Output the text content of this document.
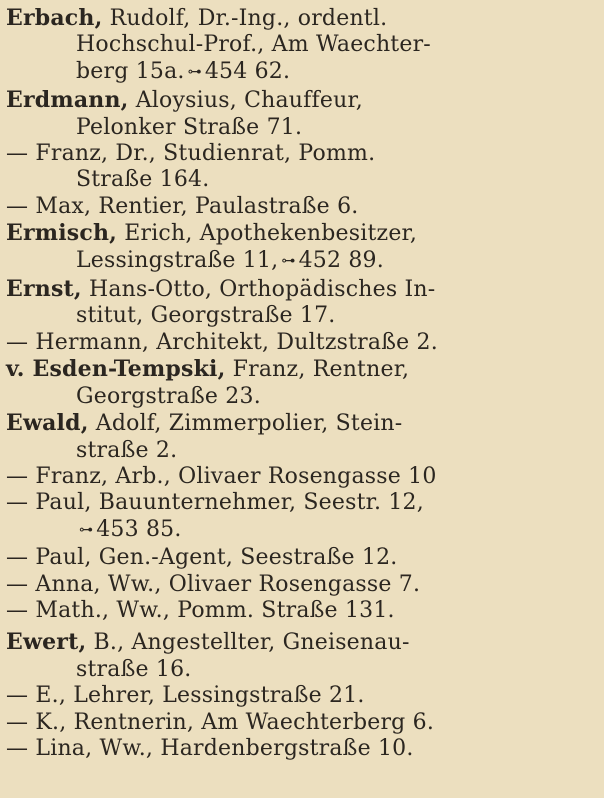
Erbach, Rudolf, Dr.-Ing., ordentl.
Hochschul-Prof., Am Waechter-
berg 15a. ⊶ 454 62.
Erdmann, Aloysius, Chauffeur,
Pelonker Straße 71.
— Franz, Dr., Studienrat, Pomm.
Straße 164.
— Max, Rentier, Paulastraße 6.
Ermisch, Erich, Apothekenbesitzer,
Lessingstraße 11, ⊶ 452 89.
Ernst, Hans-Otto, Orthopädisches In-
stitut, Georgstraße 17.
— Hermann, Architekt, Dultzstraße 2.
v. Esden-Tempski, Franz, Rentner,
Georgstraße 23.
Ewald, Adolf, Zimmerpolier, Stein-
straße 2.
— Franz, Arb., Olivaer Rosengasse 10
— Paul, Bauunternehmer, Seestr. 12,
⊶ 453 85.
— Paul, Gen.-Agent, Seestraße 12.
— Anna, Ww., Olivaer Rosengasse 7.
— Math., Ww., Pomm. Straße 131.
Ewert, B., Angestellter, Gneisenau-
straße 16.
— E., Lehrer, Lessingstraße 21.
— K., Rentnerin, Am Waechterberg 6.
— Lina, Ww., Hardenbergstraße 10.
